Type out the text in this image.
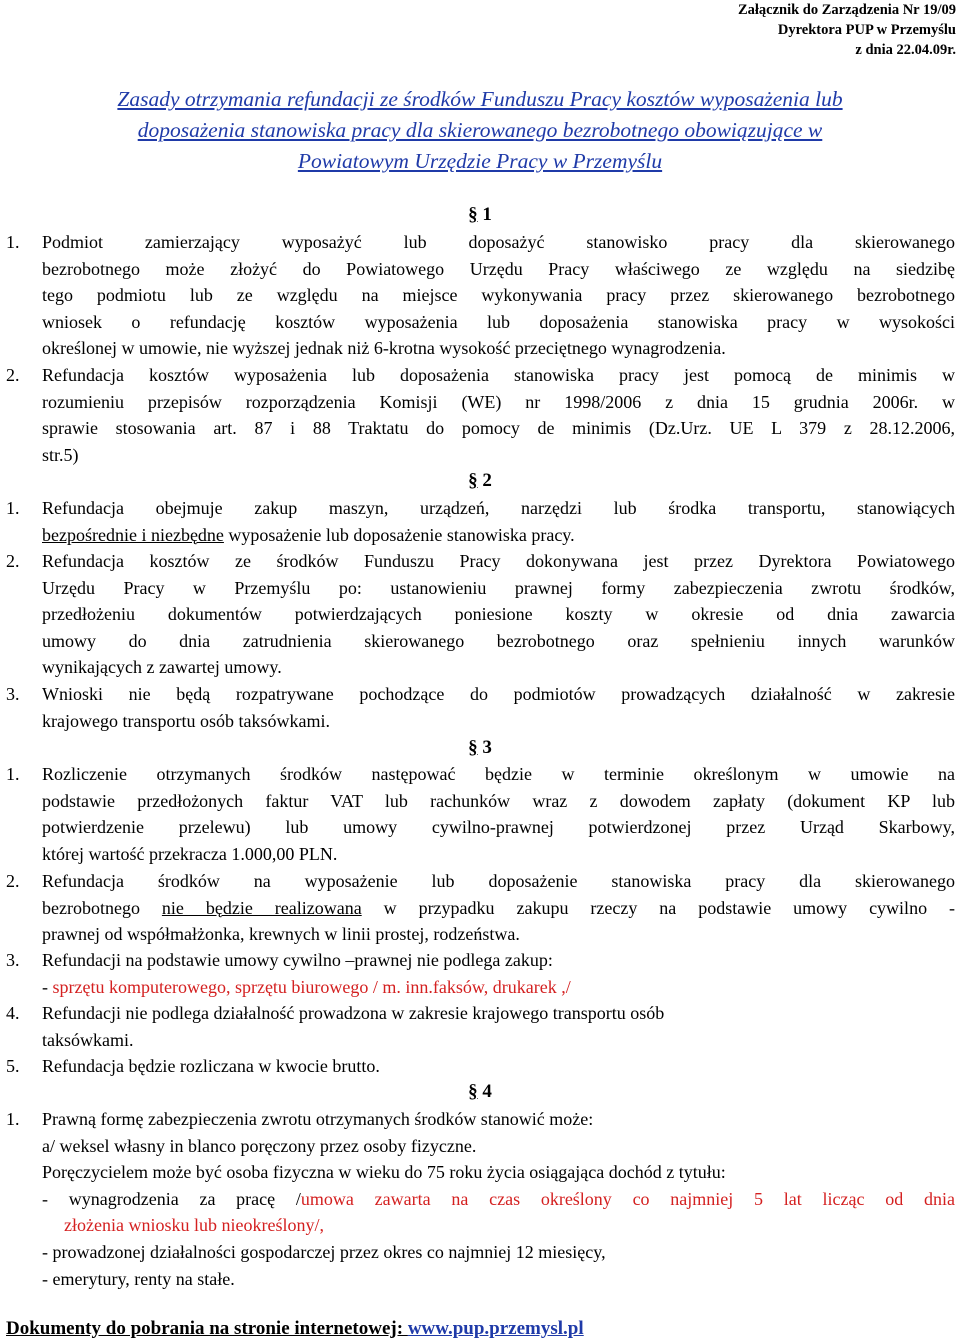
Załącznik do Zarządzenia Nr 19/09
Dyrektora PUP w Przemyślu
z dnia 22.04.09r.
Zasady otrzymania refundacji ze środków Funduszu Pracy kosztów wyposażenia lub
doposażenia stanowiska pracy dla skierowanego bezrobotnego obowiązujące w
Powiatowym Urzędzie Pracy w Przemyślu
§ 1
1. Podmiot zamierzający wyposażyć lub doposażyć stanowisko pracy dla skierowanego
bezrobotnego może złożyć do Powiatowego Urzędu Pracy właściwego ze względu na siedzibę
tego podmiotu lub ze względu na miejsce wykonywania pracy przez skierowanego bezrobotnego
wniosek o refundację kosztów wyposażenia lub doposażenia stanowiska pracy w wysokości
określonej w umowie, nie wyższej jednak niż 6-krotna wysokość przeciętnego wynagrodzenia.
2. Refundacja kosztów wyposażenia lub doposażenia stanowiska pracy jest pomocą de minimis w
rozumieniu przepisów rozporządzenia Komisji (WE) nr 1998/2006 z dnia 15 grudnia 2006r. w
sprawie stosowania art. 87 i 88 Traktatu do pomocy de minimis (Dz.Urz. UE L 379 z 28.12.2006,
str.5)
§ 2
1. Refundacja obejmuje zakup maszyn, urządzeń, narzędzi lub środka transportu, stanowiących
bezpośrednie i niezbędne wyposażenie lub doposażenie stanowiska pracy.
2. Refundacja kosztów ze środków Funduszu Pracy dokonywana jest przez Dyrektora Powiatowego
Urzędu Pracy w Przemyślu po: ustanowieniu prawnej formy zabezpieczenia zwrotu środków,
przedłożeniu dokumentów potwierdzających poniesione koszty w okresie od dnia zawarcia
umowy do dnia zatrudnienia skierowanego bezrobotnego oraz spełnieniu innych warunków
wynikających z zawartej umowy.
3. Wnioski nie będą rozpatrywane pochodzące do podmiotów prowadzących działalność w zakresie
krajowego transportu osób taksówkami.
§ 3
1. Rozliczenie otrzymanych środków następować będzie w terminie określonym w umowie na
podstawie przedłożonych faktur VAT lub rachunków wraz z dowodem zapłaty (dokument KP lub
potwierdzenie przelewu) lub umowy cywilno-prawnej potwierdzonej przez Urząd Skarbowy,
której wartość przekracza 1.000,00 PLN.
2. Refundacja środków na wyposażenie lub doposażenie stanowiska pracy dla skierowanego
bezrobotnego nie będzie realizowana w przypadku zakupu rzeczy na podstawie umowy cywilno -
prawnej od współmałżonka, krewnych w linii prostej, rodzeństwa.
3. Refundacji na podstawie umowy cywilno –prawnej nie podlega zakup:
- sprzętu komputerowego, sprzętu biurowego / m. inn.faksów, drukarek ,/
4. Refundacji nie podlega działalność prowadzona w zakresie krajowego transportu osób
taksówkami.
5. Refundacja będzie rozliczana w kwocie brutto.
§ 4
1. Prawną formę zabezpieczenia zwrotu otrzymanych środków stanowić może:
a/ weksel własny in blanco poręczony przez osoby fizyczne.
Poręczycielem może być osoba fizyczna w wieku do 75 roku życia osiągająca dochód z tytułu:
- wynagrodzenia za pracę /umowa zawarta na czas określony co najmniej 5 lat licząc od dnia
złożenia wniosku lub nieokreślony/,
- prowadzonej działalności gospodarczej przez okres co najmniej 12 miesięcy,
- emerytury, renty na stałe.
Dokumenty do pobrania na stronie internetowej: www.pup.przemysl.pl
